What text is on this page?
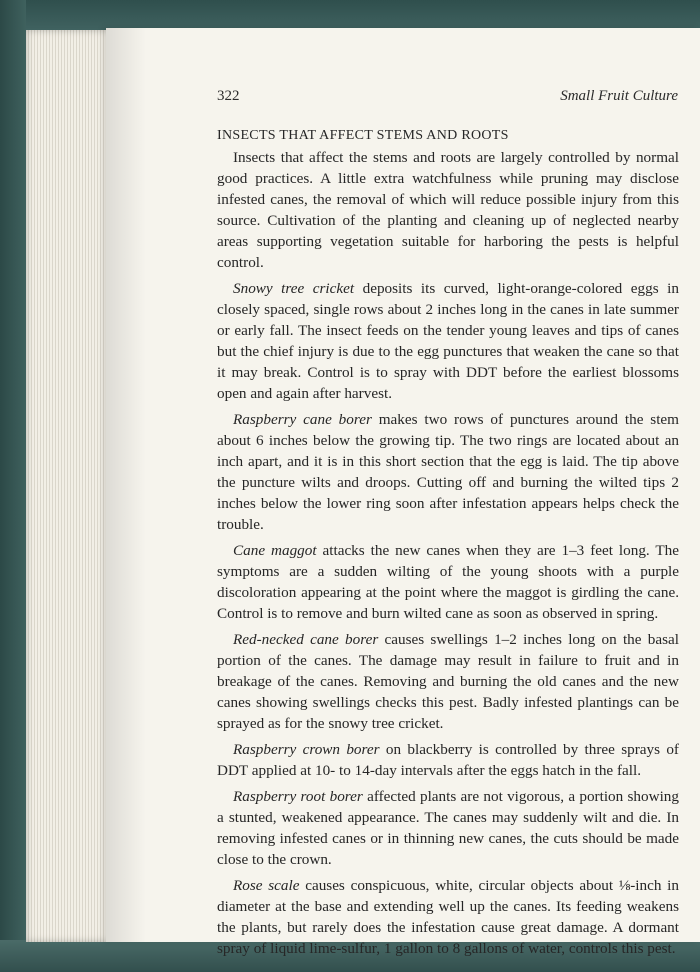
322	Small Fruit Culture
INSECTS THAT AFFECT STEMS AND ROOTS

Insects that affect the stems and roots are largely controlled by normal good practices. A little extra watchfulness while pruning may disclose infested canes, the removal of which will reduce possible injury from this source. Cultivation of the planting and cleaning up of neglected nearby areas supporting vegetation suitable for harboring the pests is helpful control.

Snowy tree cricket deposits its curved, light-orange-colored eggs in closely spaced, single rows about 2 inches long in the canes in late summer or early fall. The insect feeds on the tender young leaves and tips of canes but the chief injury is due to the egg punctures that weaken the cane so that it may break. Control is to spray with DDT before the earliest blossoms open and again after harvest.

Raspberry cane borer makes two rows of punctures around the stem about 6 inches below the growing tip. The two rings are located about an inch apart, and it is in this short section that the egg is laid. The tip above the puncture wilts and droops. Cutting off and burning the wilted tips 2 inches below the lower ring soon after infestation appears helps check the trouble.

Cane maggot attacks the new canes when they are 1–3 feet long. The symptoms are a sudden wilting of the young shoots with a purple discoloration appearing at the point where the maggot is girdling the cane. Control is to remove and burn wilted cane as soon as observed in spring.

Red-necked cane borer causes swellings 1–2 inches long on the basal portion of the canes. The damage may result in failure to fruit and in breakage of the canes. Removing and burning the old canes and the new canes showing swellings checks this pest. Badly infested plantings can be sprayed as for the snowy tree cricket.

Raspberry crown borer on blackberry is controlled by three sprays of DDT applied at 10- to 14-day intervals after the eggs hatch in the fall.

Raspberry root borer affected plants are not vigorous, a portion showing a stunted, weakened appearance. The canes may suddenly wilt and die. In removing infested canes or in thinning new canes, the cuts should be made close to the crown.

Rose scale causes conspicuous, white, circular objects about ⅛-inch in diameter at the base and extending well up the canes. Its feeding weakens the plants, but rarely does the infestation cause great damage. A dormant spray of liquid lime-sulfur, 1 gallon to 8 gallons of water, controls this pest.
